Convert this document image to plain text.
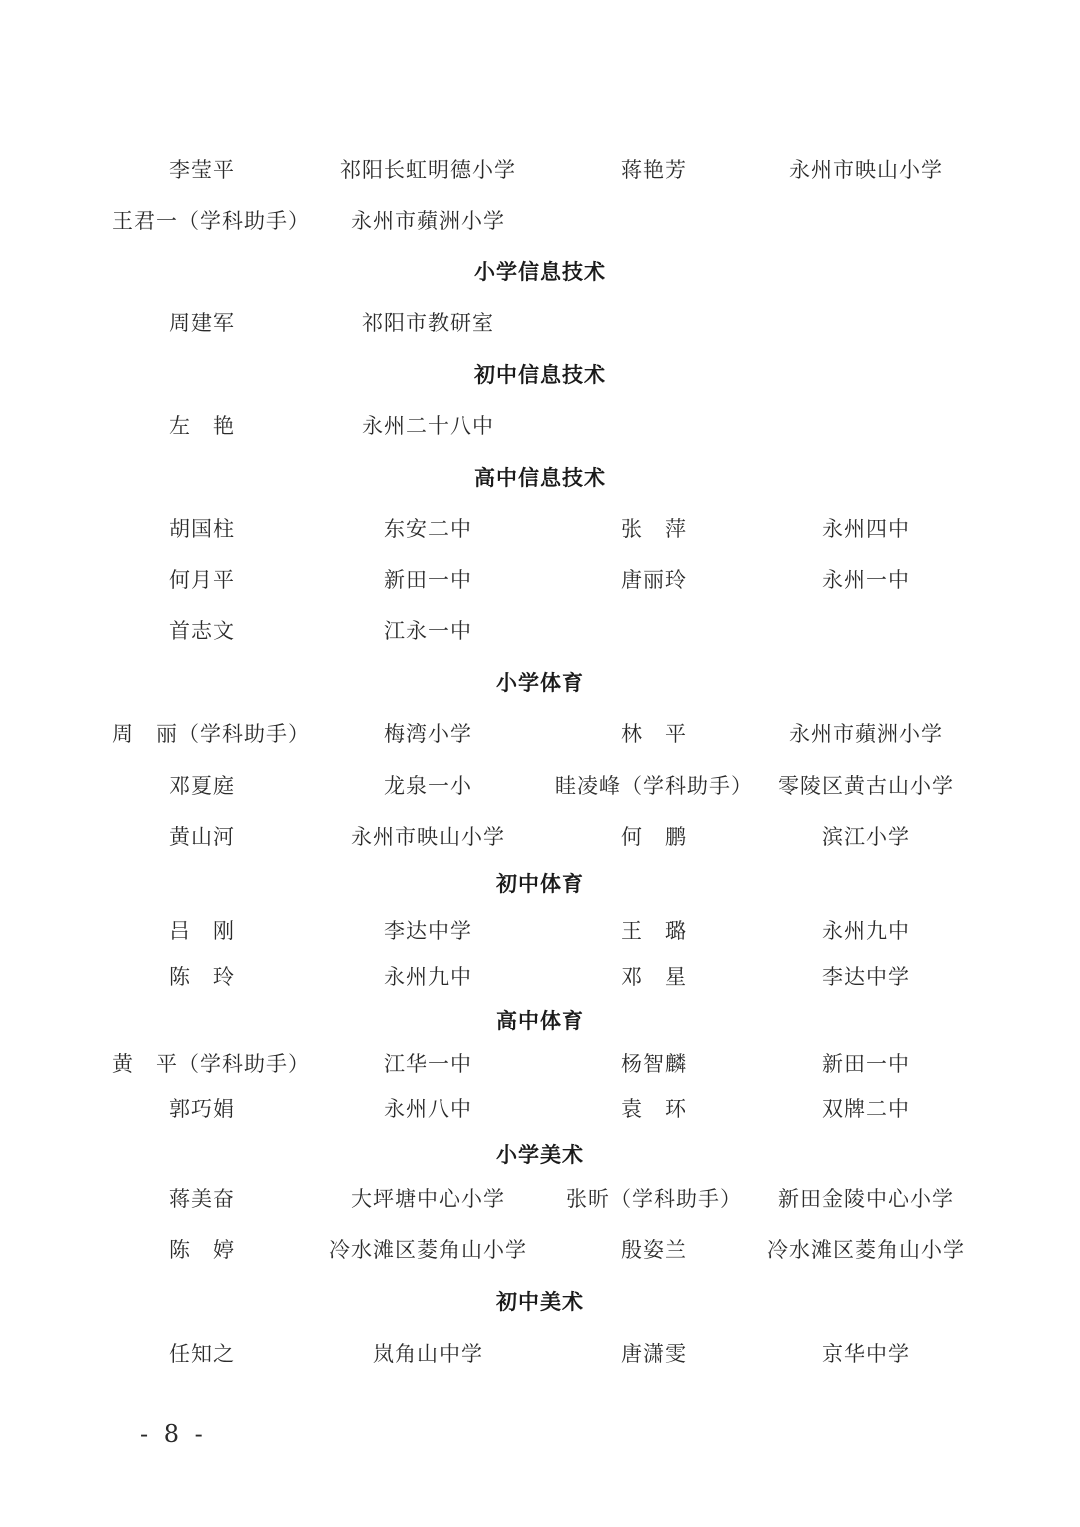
李莹平	祁阳长虹明德小学	蒋艳芳	永州市映山小学
王君一（学科助手） 永州市蘋洲小学
小学信息技术
周建军	祁阳市教研室
初中信息技术
左　艳	永州二十八中
高中信息技术
胡国柱	东安二中	张　萍	永州四中
何月平	新田一中	唐丽玲	永州一中
首志文	江永一中
小学体育
周　丽（学科助手）	梅湾小学	林　平	永州市蘋洲小学
邓夏庭	龙泉一小	眭凌峰（学科助手） 零陵区黄古山小学
黄山河	永州市映山小学	何　鹏	滨江小学
初中体育
吕　刚	李达中学	王　璐	永州九中
陈　玲	永州九中	邓　星	李达中学
高中体育
黄　平（学科助手）	江华一中	杨智麟	新田一中
郭巧娟	永州八中	袁　环	双牌二中
小学美术
蒋美奋	大坪塘中心小学	张昕（学科助手） 新田金陵中心小学
陈　婷	冷水滩区菱角山小学	殷姿兰	冷水滩区菱角山小学
初中美术
任知之	岚角山中学	唐潇雯	京华中学
- 8 -
